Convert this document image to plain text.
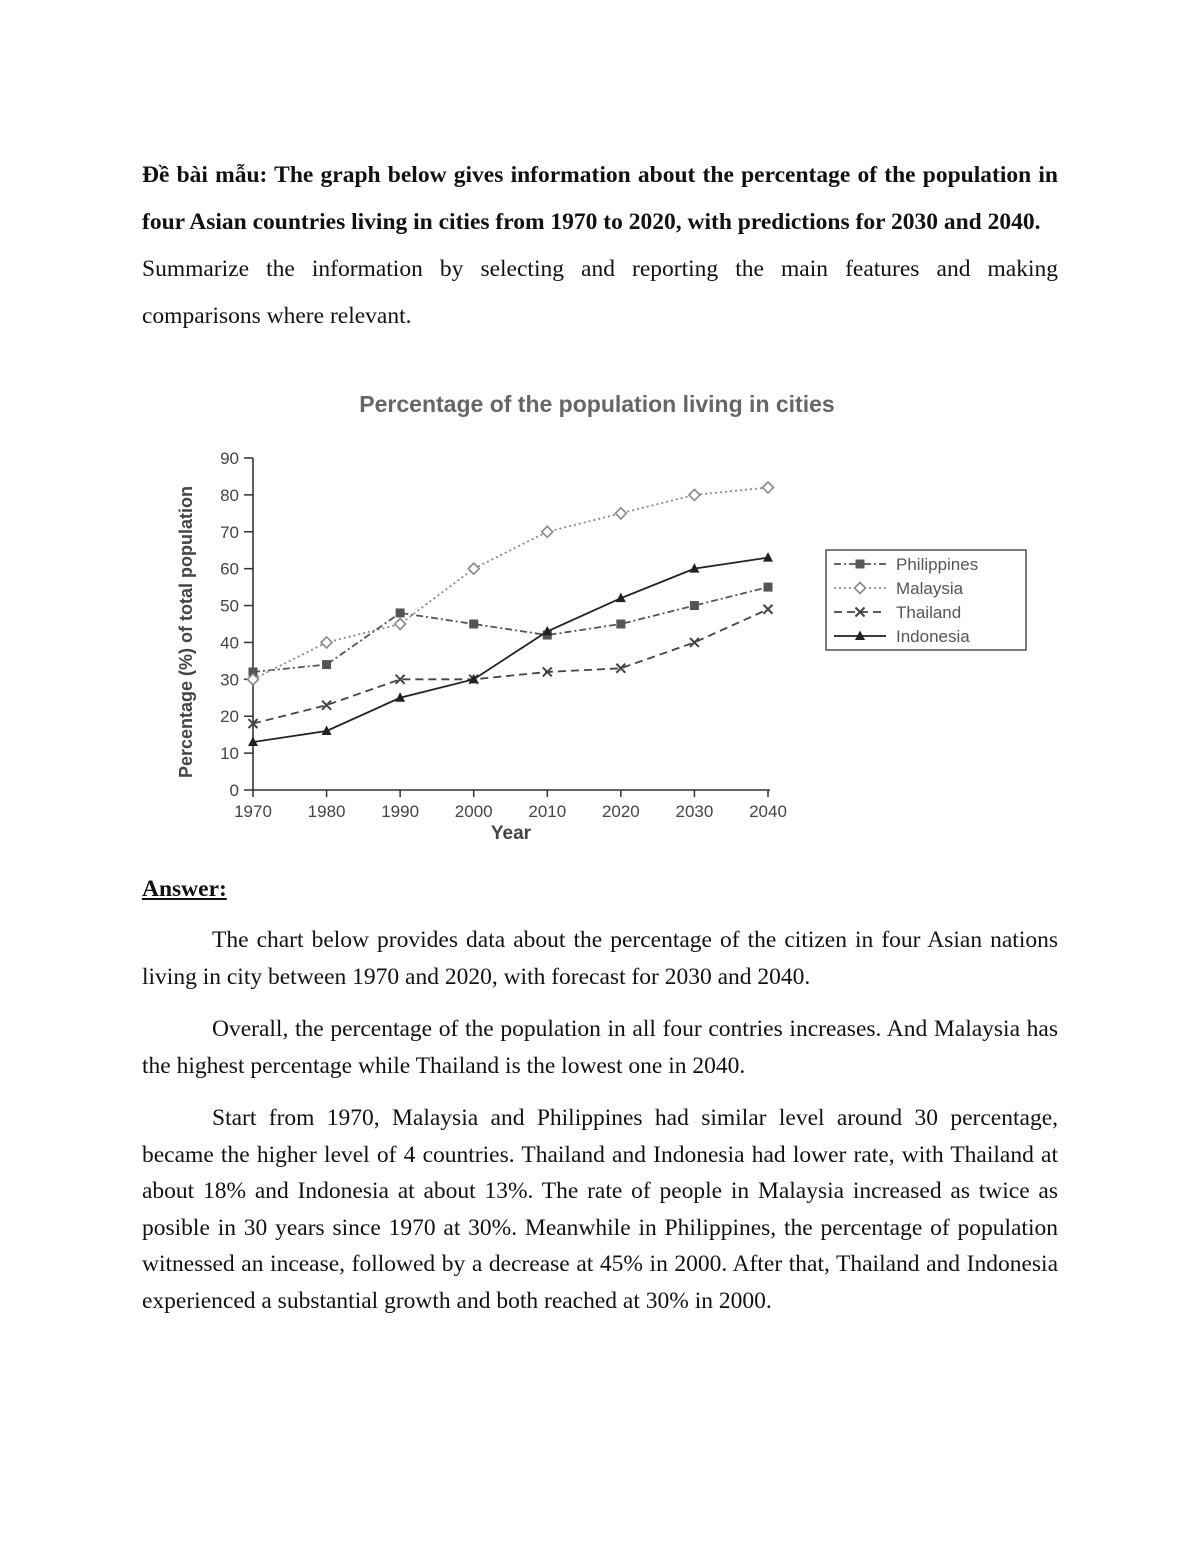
Đề bài mẫu: The graph below gives information about the percentage of the population in four Asian countries living in cities from 1970 to 2020, with predictions for 2030 and 2040.
Summarize the information by selecting and reporting the main features and making comparisons where relevant.
Percentage of the population living in cities
Percentage (%) of total population
Year
0
10
20
30
40
50
60
70
80
90
1970 1980 1990 2000 2010 2020 2030 2040
Philippines
Malaysia
Thailand
Indonesia
Answer:

The chart below provides data about the percentage of the citizen in four Asian nations living in city between 1970 and 2020, with forecast for 2030 and 2040.

Overall, the percentage of the population in all four contries increases. And Malaysia has the highest percentage while Thailand is the lowest one in 2040.

Start from 1970, Malaysia and Philippines had similar level around 30 percentage, became the higher level of 4 countries. Thailand and Indonesia had lower rate, with Thailand at about 18% and Indonesia at about 13%. The rate of people in Malaysia increased as twice as posible in 30 years since 1970 at 30%. Meanwhile in Philippines, the percentage of population witnessed an incease, followed by a decrease at 45% in 2000. After that, Thailand and Indonesia experienced a substantial growth and both reached at 30% in 2000.
